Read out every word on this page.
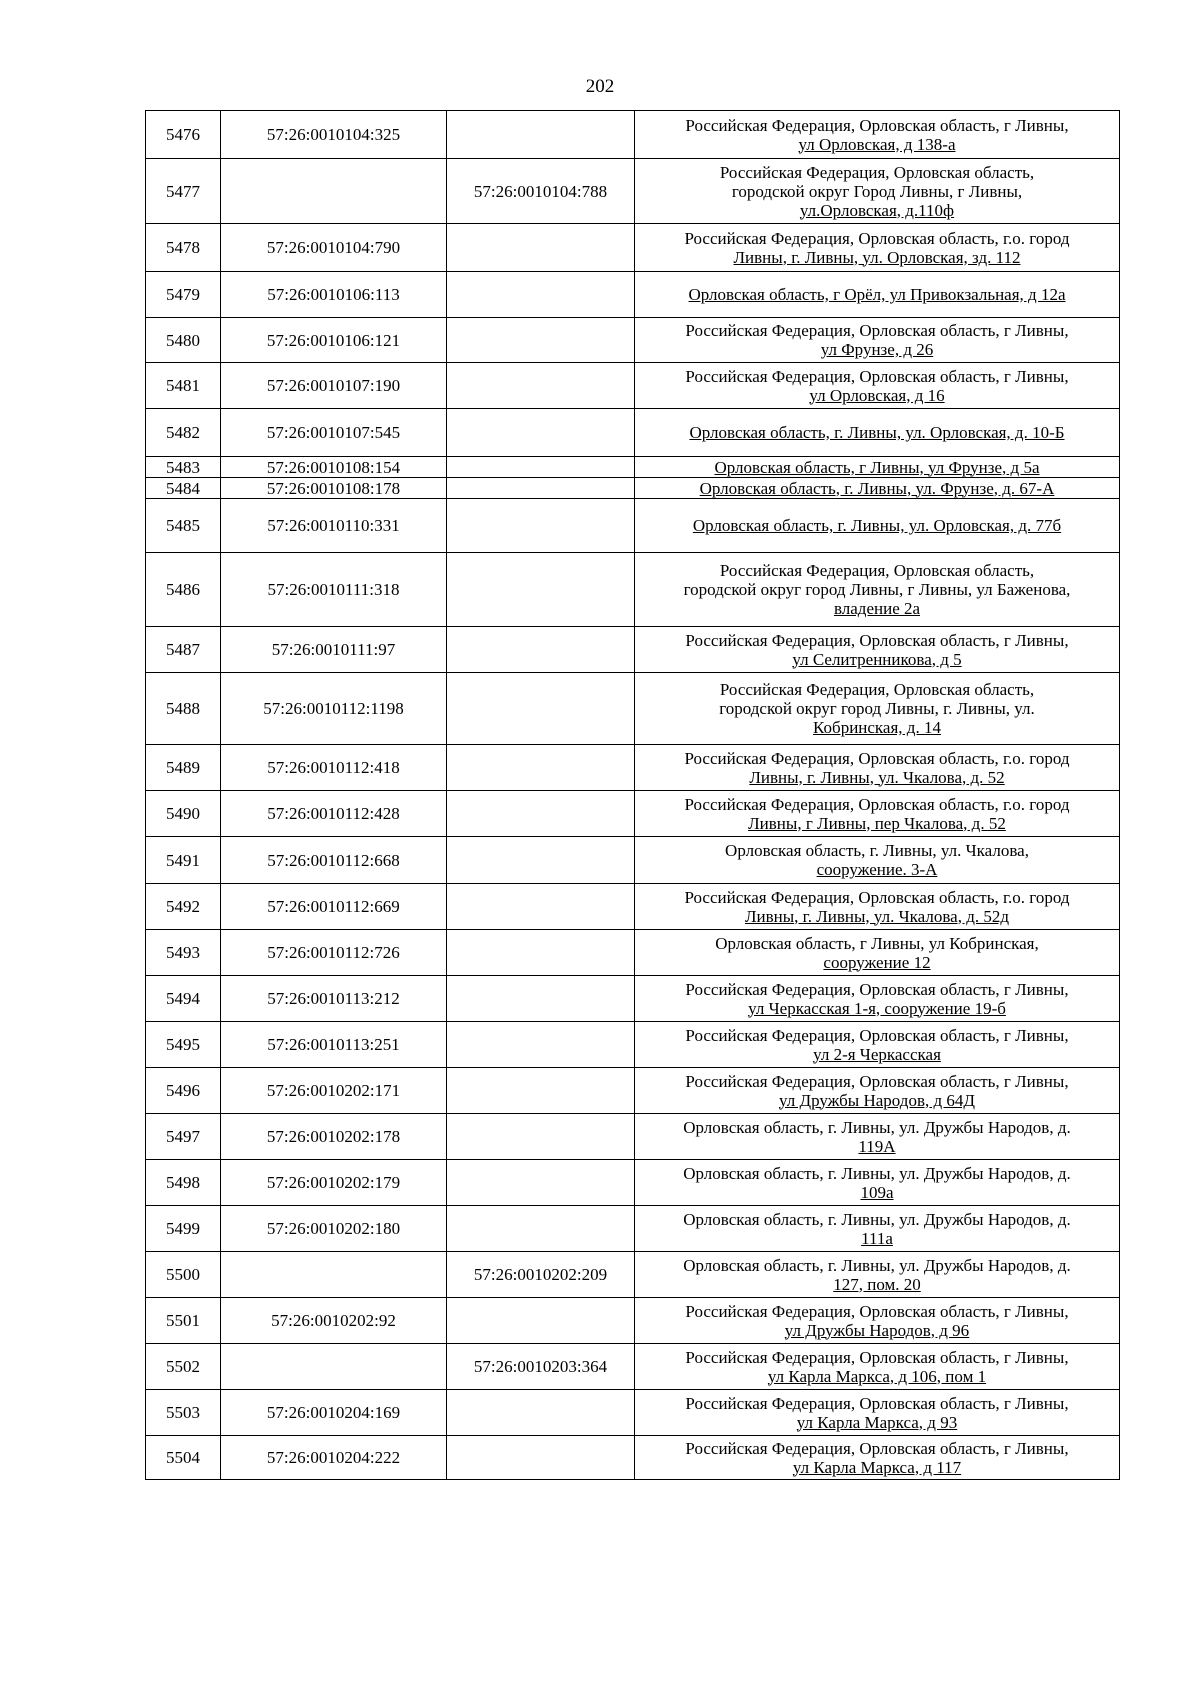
202
5476	57:26:0010104:325		Российская Федерация, Орловская область, г Ливны,
ул Орловская, д 138-а

5477		57:26:0010104:788	Российская Федерация, Орловская область,
городской округ Город Ливны, г Ливны,
ул.Орловская, д.110ф

5478	57:26:0010104:790		Российская Федерация, Орловская область, г.о. город
Ливны, г. Ливны, ул. Орловская, зд. 112

5479	57:26:0010106:113		Орловская область, г Орёл, ул Привокзальная, д 12а

5480	57:26:0010106:121		Российская Федерация, Орловская область, г Ливны,
ул Фрунзе, д 26

5481	57:26:0010107:190		Российская Федерация, Орловская область, г Ливны,
ул Орловская, д 16

5482	57:26:0010107:545		Орловская область, г. Ливны, ул. Орловская, д. 10-Б

5483	57:26:0010108:154		Орловская область, г Ливны, ул Фрунзе, д 5а

5484	57:26:0010108:178		Орловская область, г. Ливны, ул. Фрунзе, д. 67-А

5485	57:26:0010110:331		Орловская область, г. Ливны, ул. Орловская, д. 77б

5486	57:26:0010111:318		Российская Федерация, Орловская область,
городской округ город Ливны, г Ливны, ул Баженова,
владение 2а

5487	57:26:0010111:97		Российская Федерация, Орловская область, г Ливны,
ул Селитренникова, д 5

5488	57:26:0010112:1198		Российская Федерация, Орловская область,
городской округ город Ливны, г. Ливны, ул.
Кобринская, д. 14

5489	57:26:0010112:418		Российская Федерация, Орловская область, г.о. город
Ливны, г. Ливны, ул. Чкалова, д. 52

5490	57:26:0010112:428		Российская Федерация, Орловская область, г.о. город
Ливны, г Ливны, пер Чкалова, д. 52

5491	57:26:0010112:668		Орловская область, г. Ливны, ул. Чкалова,
сооружение. 3-А

5492	57:26:0010112:669		Российская Федерация, Орловская область, г.о. город
Ливны, г. Ливны, ул. Чкалова, д. 52д

5493	57:26:0010112:726		Орловская область, г Ливны, ул Кобринская,
сооружение 12

5494	57:26:0010113:212		Российская Федерация, Орловская область, г Ливны,
ул Черкасская 1-я, сооружение 19-б

5495	57:26:0010113:251		Российская Федерация, Орловская область, г Ливны,
ул 2-я Черкасская

5496	57:26:0010202:171		Российская Федерация, Орловская область, г Ливны,
ул Дружбы Народов, д 64Д

5497	57:26:0010202:178		Орловская область, г. Ливны, ул. Дружбы Народов, д.
119А

5498	57:26:0010202:179		Орловская область, г. Ливны, ул. Дружбы Народов, д.
109а

5499	57:26:0010202:180		Орловская область, г. Ливны, ул. Дружбы Народов, д.
111а

5500		57:26:0010202:209	Орловская область, г. Ливны, ул. Дружбы Народов, д.
127, пом. 20

5501	57:26:0010202:92		Российская Федерация, Орловская область, г Ливны,
ул Дружбы Народов, д 96

5502		57:26:0010203:364	Российская Федерация, Орловская область, г Ливны,
ул Карла Маркса, д 106, пом 1

5503	57:26:0010204:169		Российская Федерация, Орловская область, г Ливны,
ул Карла Маркса, д 93

5504	57:26:0010204:222		Российская Федерация, Орловская область, г Ливны,
ул Карла Маркса, д 117
